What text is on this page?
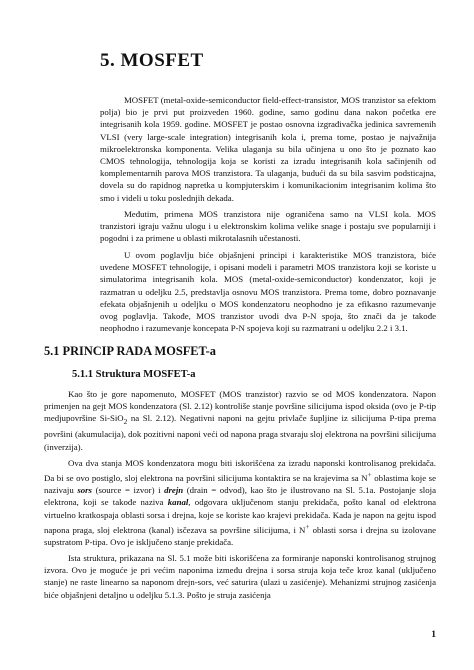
5. MOSFET

MOSFET (metal-oxide-semiconductor field-effect-transistor, MOS tranzistor sa efektom polja) bio je prvi put proizveden 1960. godine, samo godinu dana nakon početka ere integrisanih kola 1959. godine. MOSFET je postao osnovna izgrađivačka jedinica savremenih VLSI (very large-scale integration) integrisanih kola i, prema tome, postao je najvažnija mikroelektronska komponenta. Velika ulaganja su bila učinjena u ono što je poznato kao CMOS tehnologija, tehnologija koja se koristi za izradu integrisanih kola sačinjenih od komplementarnih parova MOS tranzistora. Ta ulaganja, budući da su bila sasvim podsticajna, dovela su do rapidnog napretka u kompjuterskim i komunikacionim integrisanim kolima što smo i videli u toku poslednjih dekada.

Međutim, primena MOS tranzistora nije ograničena samo na VLSI kola. MOS tranzistori igraju važnu ulogu i u elektronskim kolima velike snage i postaju sve popularniji i pogodni i za primene u oblasti mikrotalasnih učestanosti.

U ovom poglavlju biće objašnjeni principi i karakteristike MOS tranzistora, biće uvedene MOSFET tehnologije, i opisani modeli i parametri MOS tranzistora koji se koriste u simulatorima integrisanih kola. MOS (metal-oxide-semiconductor) kondenzator, koji je razmatran u odeljku 2.5, predstavlja osnovu MOS tranzistora. Prema tome, dobro poznavanje efekata objašnjenih u odeljku o MOS kondenzatoru neophodno je za efikasno razumevanje ovog poglavlja. Takođe, MOS tranzistor uvodi dva P-N spoja, što znači da je takođe neophodno i razumevanje koncepata P-N spojeva koji su razmatrani u odeljku 2.2 i 3.1.

5.1 PRINCIP RADA MOSFET-a
5.1.1 Struktura MOSFET-a

Kao što je gore napomenuto, MOSFET (MOS tranzistor) razvio se od MOS kondenzatora. Napon primenjen na gejt MOS kondenzatora (Sl. 2.12) kontroliše stanje površine silicijuma ispod oksida (ovo je P-tip medjupovršine Si-SiO$_2$ na Sl. 2.12). Negativni naponi na gejtu privlače šupljine iz silicijuma P-tipa prema površini (akumulacija), dok pozitivni naponi veći od napona praga stvaraju sloj elektrona na površini silicijuma (inverzija).

Ova dva stanja MOS kondenzatora mogu biti iskorišćena za izradu naponski kontrolisanog prekidača. Da bi se ovo postiglo, sloj elektrona na površini silicijuma kontaktira se na krajevima sa N+ oblastima koje se nazivaju sors (source = izvor) i drejn (drain = odvod), kao što je ilustrovano na Sl. 5.1a. Postojanje sloja elektrona, koji se takođe naziva kanal, odgovara uključenom stanju prekidača, pošto kanal od elektrona virtuelno kratkospaja oblasti sorsa i drejna, koje se koriste kao krajevi prekidača. Kada je napon na gejtu ispod napona praga, sloj elektrona (kanal) isčezava sa površine silicijuma, i N+ oblasti sorsa i drejna su izolovane supstratom P-tipa. Ovo je isključeno stanje prekidača.

Ista struktura, prikazana na Sl. 5.1 može biti iskorišćena za formiranje naponski kontrolisanog strujnog izvora. Ovo je moguće je pri većim naponima između drejna i sorsa struja koja teče kroz kanal (uključeno stanje) ne raste linearno sa naponom drejn-sors, već saturira (ulazi u zasićenje). Mehanizmi strujnog zasićenja biće objašnjeni detaljno u odeljku 5.1.3. Pošto je struja zasićenja

1
